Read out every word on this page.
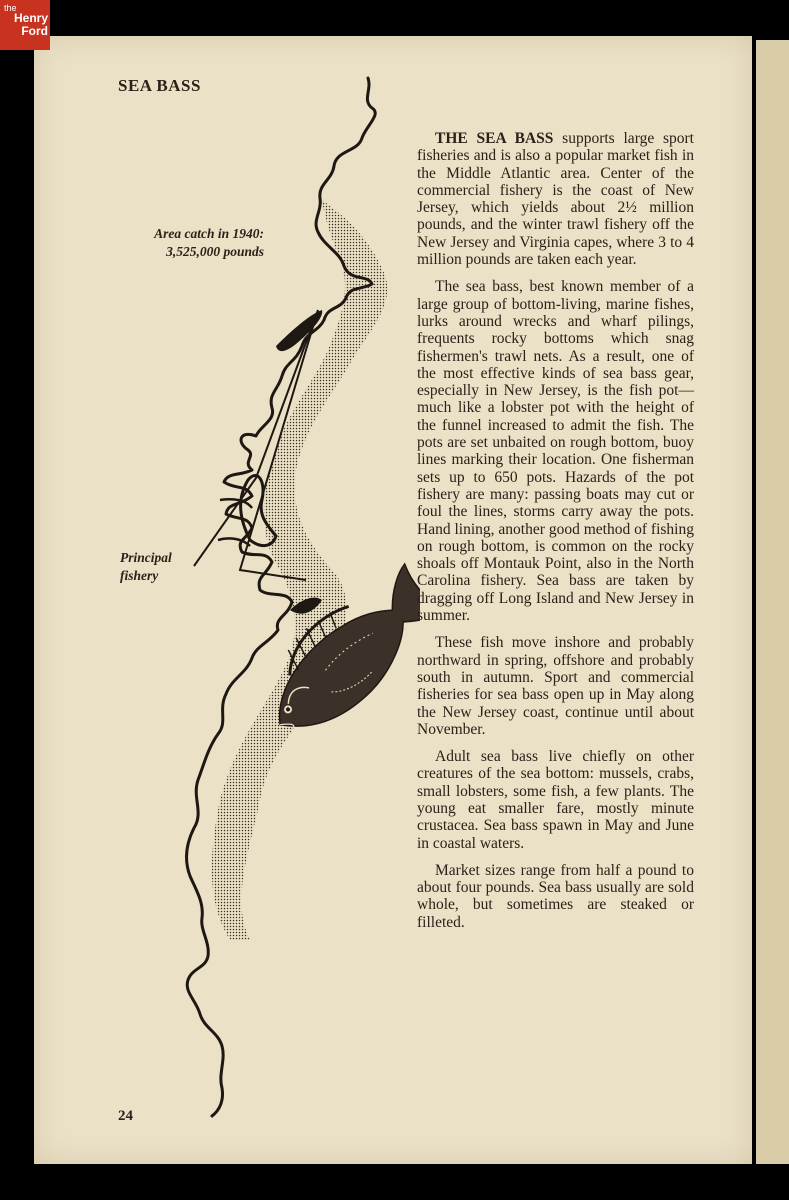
the
Henry
Ford
SEA BASS
Area catch in 1940:
3,525,000 pounds
Principal
fishery

THE SEA BASS supports large sport fisheries and is also a popular market fish in the Middle Atlantic area. Center of the commercial fishery is the coast of New Jersey, which yields about 2½ million pounds, and the winter trawl fishery off the New Jersey and Virginia capes, where 3 to 4 million pounds are taken each year.

The sea bass, best known member of a large group of bottom-living, marine fishes, lurks around wrecks and wharf pilings, frequents rocky bottoms which snag fishermen's trawl nets. As a result, one of the most effective kinds of sea bass gear, especially in New Jersey, is the fish pot—much like a lobster pot with the height of the funnel increased to admit the fish. The pots are set unbaited on rough bottom, buoy lines marking their location. One fisherman sets up to 650 pots. Hazards of the pot fishery are many: passing boats may cut or foul the lines, storms carry away the pots. Hand lining, another good method of fishing on rough bottom, is common on the rocky shoals off Montauk Point, also in the North Carolina fishery. Sea bass are taken by dragging off Long Island and New Jersey in summer.

These fish move inshore and probably northward in spring, offshore and probably south in autumn. Sport and commercial fisheries for sea bass open up in May along the New Jersey coast, continue until about November.

Adult sea bass live chiefly on other creatures of the sea bottom: mussels, crabs, small lobsters, some fish, a few plants. The young eat smaller fare, mostly minute crustacea. Sea bass spawn in May and June in coastal waters.

Market sizes range from half a pound to about four pounds. Sea bass usually are sold whole, but sometimes are steaked or filleted.

24
